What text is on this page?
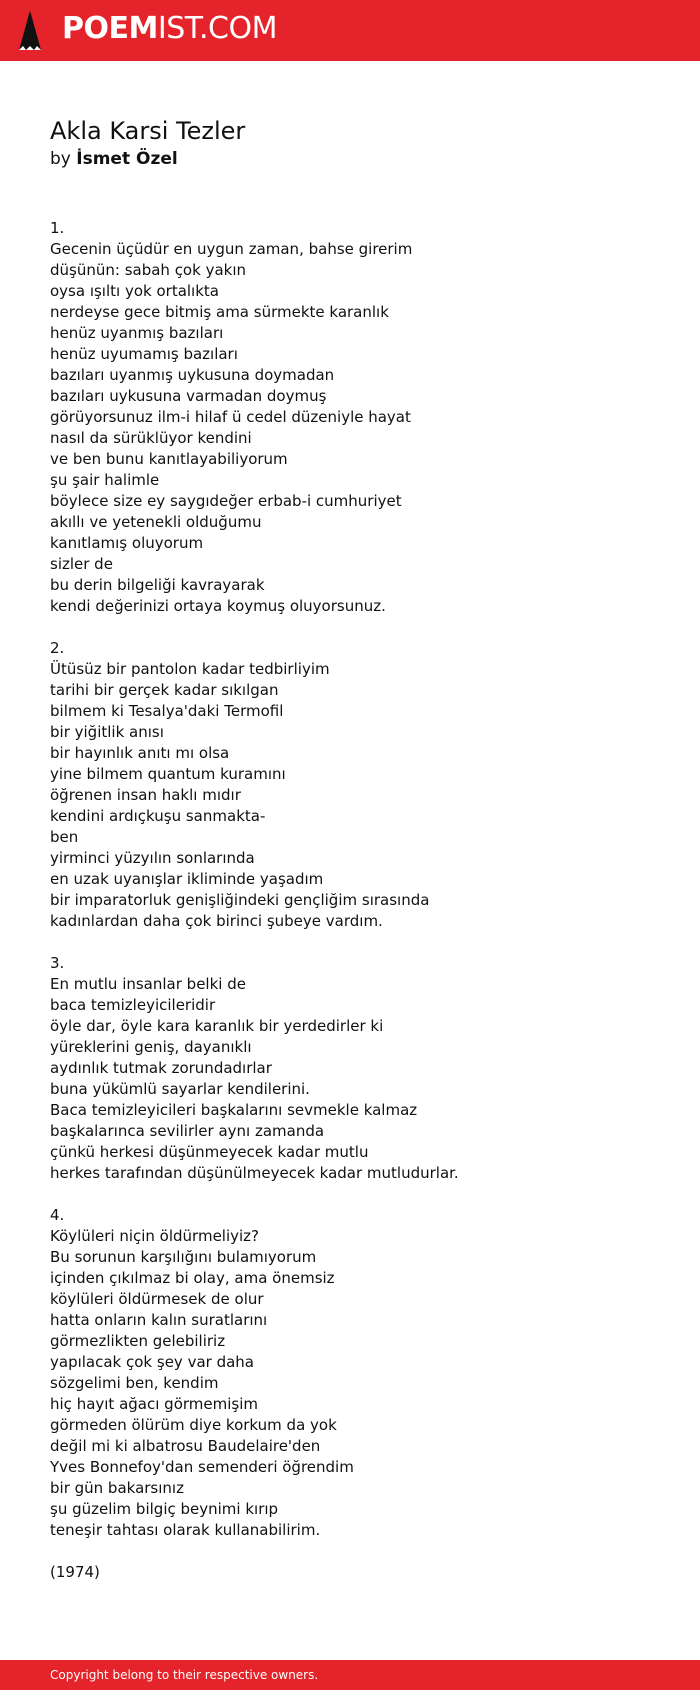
POEMIST.COM
Akla Karsi Tezler
by İsmet Özel
1.
Gecenin üçüdür en uygun zaman, bahse girerim
düşünün: sabah çok yakın
oysa ışıltı yok ortalıkta
nerdeyse gece bitmiş ama sürmekte karanlık
henüz uyanmış bazıları
henüz uyumamış bazıları
bazıları uyanmış uykusuna doymadan
bazıları uykusuna varmadan doymuş
görüyorsunuz ilm-i hilaf ü cedel düzeniyle hayat
nasıl da sürüklüyor kendini
ve ben bunu kanıtlayabiliyorum
şu şair halimle
böylece size ey saygıdeğer erbab-i cumhuriyet
akıllı ve yetenekli olduğumu
kanıtlamış oluyorum
sizler de
bu derin bilgeliği kavrayarak
kendi değerinizi ortaya koymuş oluyorsunuz.
2.
Ütüsüz bir pantolon kadar tedbirliyim
tarihi bir gerçek kadar sıkılgan
bilmem ki Tesalya'daki Termofil
bir yiğitlik anısı
bir hayınlık anıtı mı olsa
yine bilmem quantum kuramını
öğrenen insan haklı mıdır
kendini ardıçkuşu sanmakta-
ben
yirminci yüzyılın sonlarında
en uzak uyanışlar ikliminde yaşadım
bir imparatorluk genişliğindeki gençliğim sırasında
kadınlardan daha çok birinci şubeye vardım.
3.
En mutlu insanlar belki de
baca temizleyicileridir
öyle dar, öyle kara karanlık bir yerdedirler ki
yüreklerini geniş, dayanıklı
aydınlık tutmak zorundadırlar
buna yükümlü sayarlar kendilerini.
Baca temizleyicileri başkalarını sevmekle kalmaz
başkalarınca sevilirler aynı zamanda
çünkü herkesi düşünmeyecek kadar mutlu
herkes tarafından düşünülmeyecek kadar mutludurlar.
4.
Köylüleri niçin öldürmeliyiz?
Bu sorunun karşılığını bulamıyorum
içinden çıkılmaz bi olay, ama önemsiz
köylüleri öldürmesek de olur
hatta onların kalın suratlarını
görmezlikten gelebiliriz
yapılacak çok şey var daha
sözgelimi ben, kendim
hiç hayıt ağacı görmemişim
görmeden ölürüm diye korkum da yok
değil mi ki albatrosu Baudelaire'den
Yves Bonnefoy'dan semenderi öğrendim
bir gün bakarsınız
şu güzelim bilgiç beynimi kırıp
teneşir tahtası olarak kullanabilirim.
(1974)
Copyright belong to their respective owners.
